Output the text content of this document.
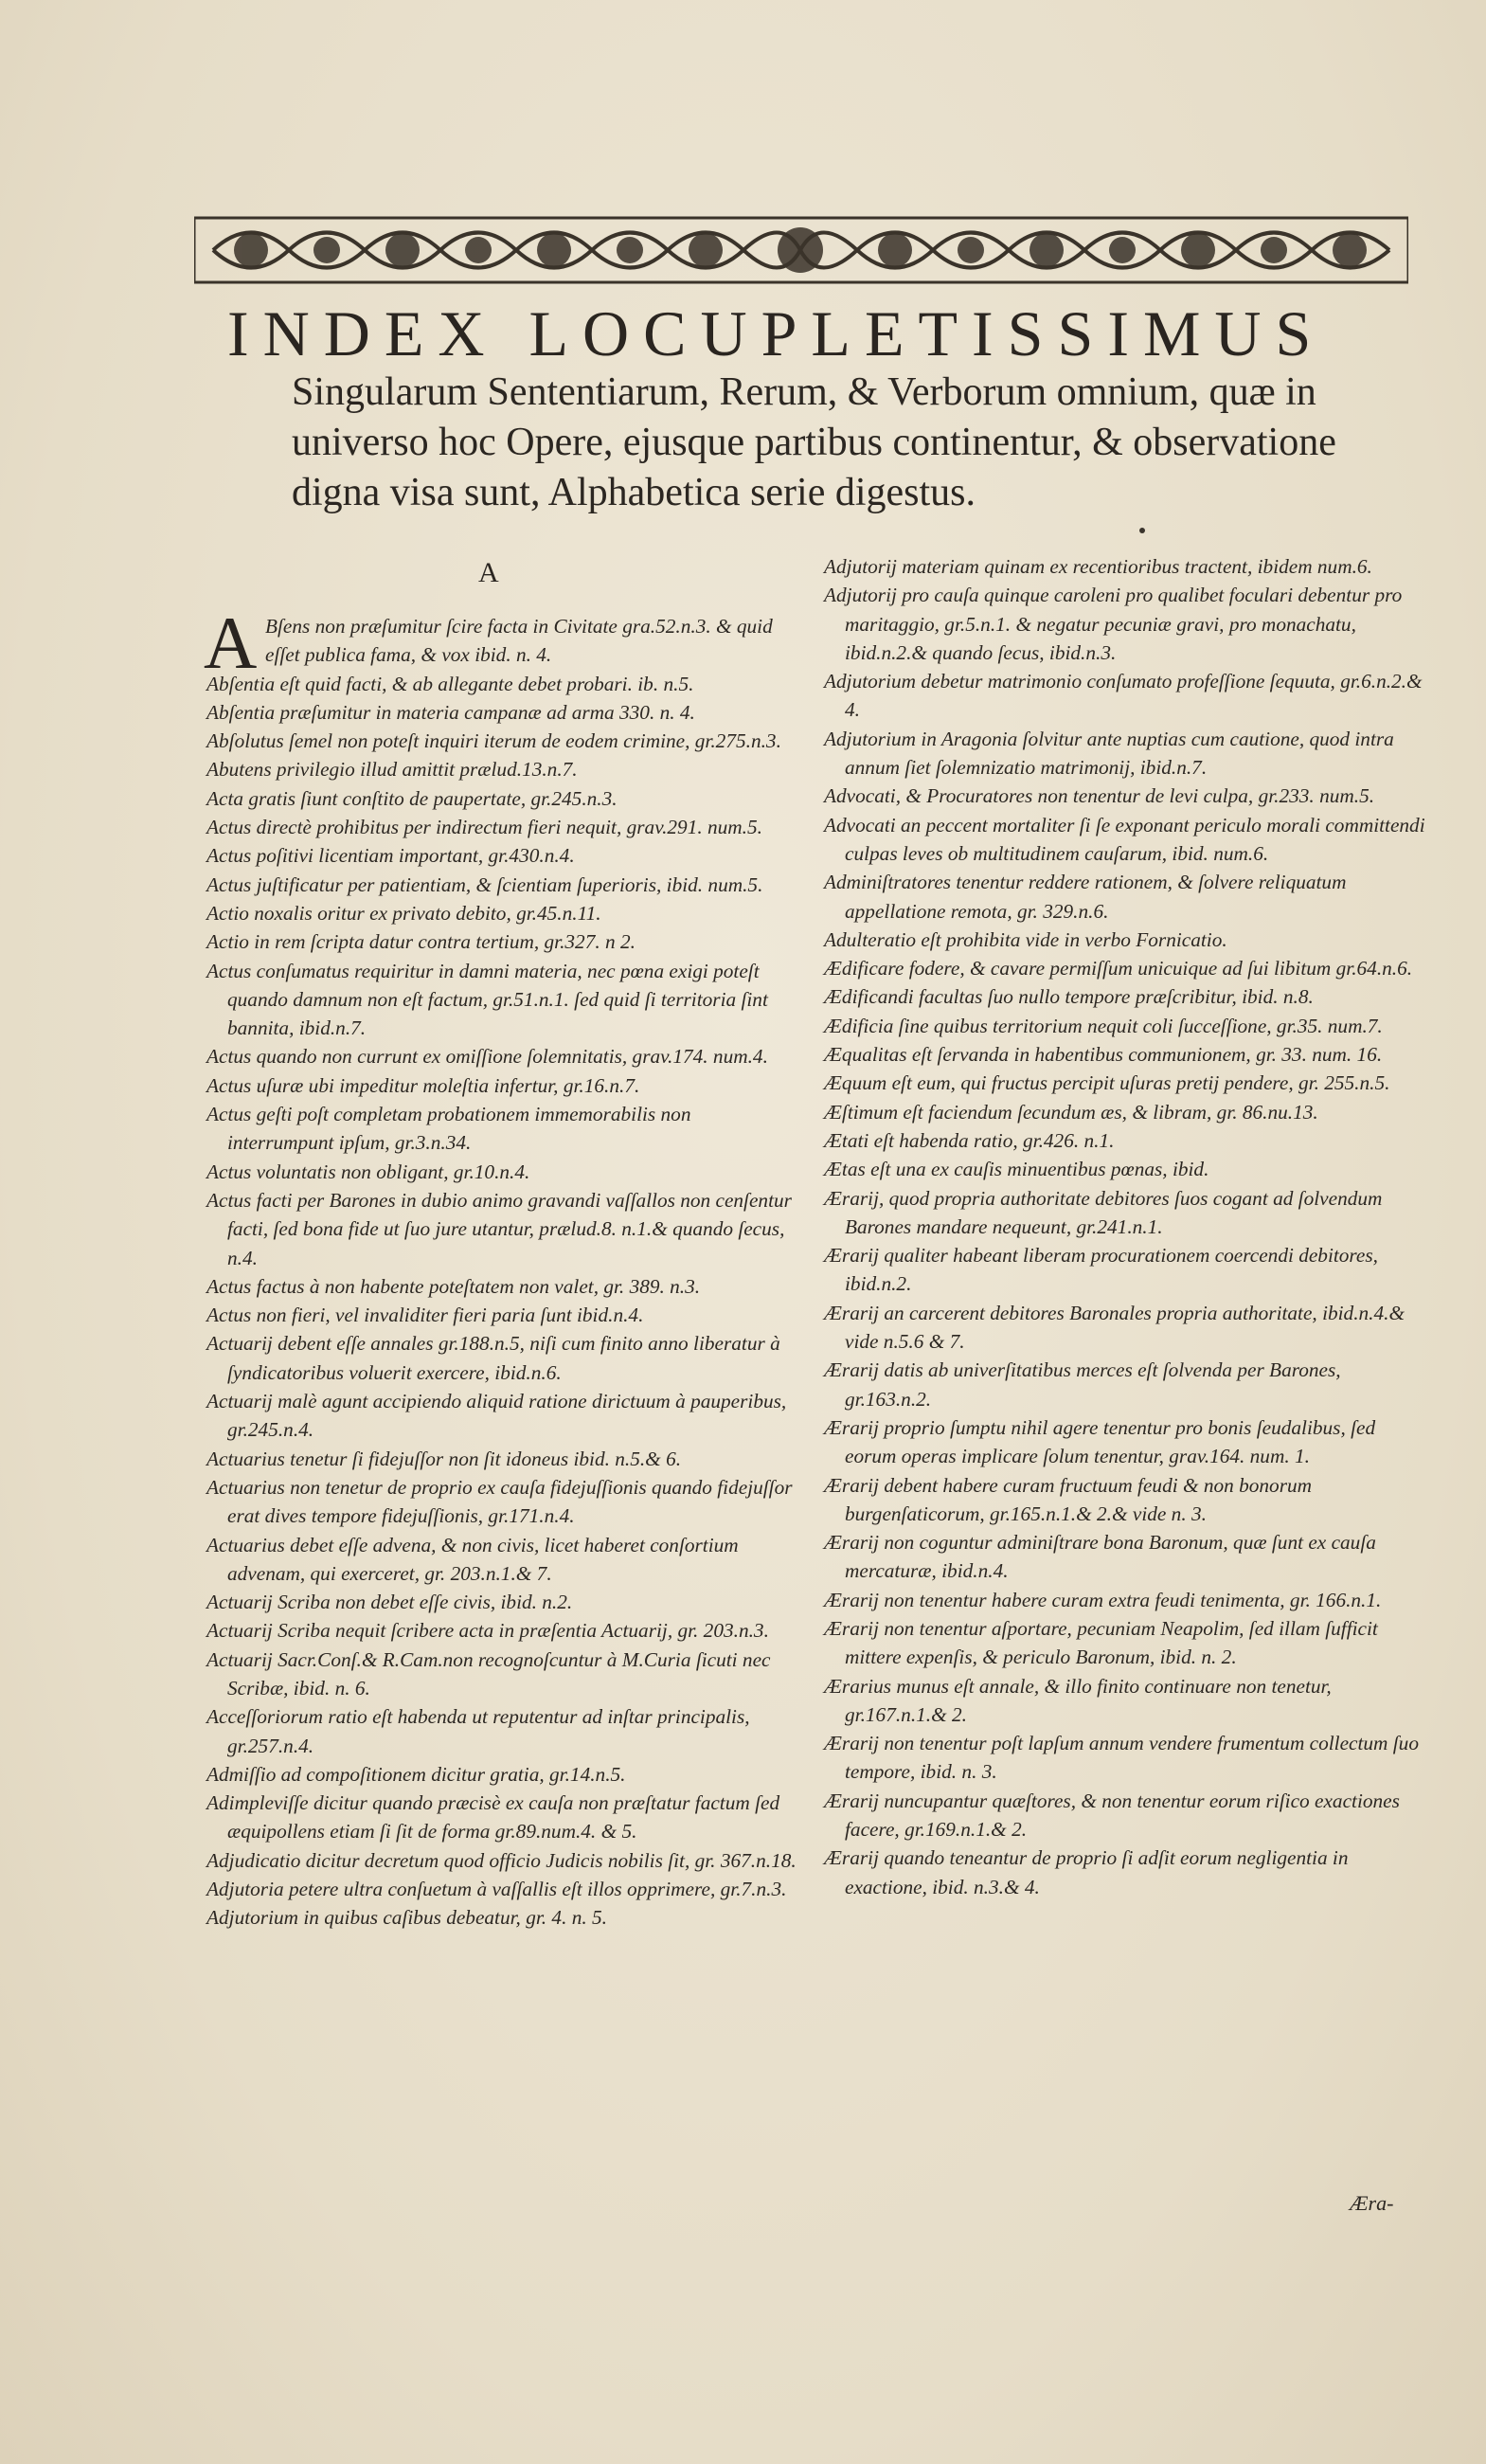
INDEX LOCUPLETISSIMUS
Singularum Sententiarum, Rerum, & Verborum omnium, quæ in universo hoc Opere, ejusque partibus continentur, & observatione digna visa sunt, Alphabetica serie digestus.
A
A Bſens non præſumitur ſcire facta in Civitate gra.52.n.3. & quid eſſet publica fama, & vox ibid. n. 4.
Abſentia eſt quid facti, & ab allegante debet probari. ib. n.5.
Abſentia præſumitur in materia campanæ ad arma 330. n. 4.
Abſolutus ſemel non poteſt inquiri iterum de eodem crimine, gr.275.n.3.
Abutens privilegio illud amittit prælud.13.n.7.
Acta gratis ſiunt conſtito de paupertate, gr.245.n.3.
Actus directè prohibitus per indirectum fieri nequit, grav.291. num.5.
Actus poſitivi licentiam important, gr.430.n.4.
Actus juſtificatur per patientiam, & ſcientiam ſuperioris, ibid. num.5.
Actio noxalis oritur ex privato debito, gr.45.n.11.
Actio in rem ſcripta datur contra tertium, gr.327. n 2.
Actus conſumatus requiritur in damni materia, nec pœna exigi poteſt quando damnum non eſt factum, gr.51.n.1. ſed quid ſi territoria ſint bannita, ibid.n.7.
Actus quando non currunt ex omiſſione ſolemnitatis, grav.174. num.4.
Actus uſuræ ubi impeditur moleſtia infertur, gr.16.n.7.
Actus geſti poſt completam probationem immemorabilis non interrumpunt ipſum, gr.3.n.34.
Actus voluntatis non obligant, gr.10.n.4.
Actus facti per Barones in dubio animo gravandi vaſſallos non cenſentur facti, ſed bona fide ut ſuo jure utantur, prælud.8. n.1.& quando ſecus, n.4.
Actus factus à non habente poteſtatem non valet, gr. 389. n.3.
Actus non fieri, vel invaliditer fieri paria ſunt ibid.n.4.
Actuarij debent eſſe annales gr.188.n.5, niſi cum finito anno liberatur à ſyndicatoribus voluerit exercere, ibid.n.6.
Actuarij malè agunt accipiendo aliquid ratione dirictuum à pauperibus, gr.245.n.4.
Actuarius tenetur ſi fidejuſſor non ſit idoneus ibid. n.5.& 6.
Actuarius non tenetur de proprio ex cauſa fidejuſſionis quando fidejuſſor erat dives tempore fidejuſſionis, gr.171.n.4.
Actuarius debet eſſe advena, & non civis, licet haberet conſortium advenam, qui exerceret, gr. 203.n.1.& 7.
Actuarij Scriba non debet eſſe civis, ibid. n.2.
Actuarij Scriba nequit ſcribere acta in præſentia Actuarij, gr. 203.n.3.
Actuarij Sacr.Conſ.& R.Cam.non recognoſcuntur à M.Curia ſicuti nec Scribæ, ibid. n. 6.
Acceſſoriorum ratio eſt habenda ut reputentur ad inſtar principalis, gr.257.n.4.
Admiſſio ad compoſitionem dicitur gratia, gr.14.n.5.
Adimpleviſſe dicitur quando præcisè ex cauſa non præſtatur factum ſed æquipollens etiam ſi ſit de forma gr.89.num.4. & 5.
Adjudicatio dicitur decretum quod officio Judicis nobilis ſit, gr. 367.n.18.
Adjutoria petere ultra conſuetum à vaſſallis eſt illos opprimere, gr.7.n.3.
Adjutorium in quibus caſibus debeatur, gr. 4. n. 5.
Adjutorij materiam quinam ex recentioribus tractent, ibidem num.6.
Adjutorij pro cauſa quinque caroleni pro qualibet foculari debentur pro maritaggio, gr.5.n.1. & negatur pecuniæ gravi, pro monachatu, ibid.n.2.& quando ſecus, ibid.n.3.
Adjutorium debetur matrimonio conſumato profeſſione ſequuta, gr.6.n.2.& 4.
Adjutorium in Aragonia ſolvitur ante nuptias cum cautione, quod intra annum ſiet ſolemnizatio matrimonij, ibid.n.7.
Advocati, & Procuratores non tenentur de levi culpa, gr.233. num.5.
Advocati an peccent mortaliter ſi ſe exponant periculo morali committendi culpas leves ob multitudinem cauſarum, ibid. num.6.
Adminiſtratores tenentur reddere rationem, & ſolvere reliquatum appellatione remota, gr. 329.n.6.
Adulteratio eſt prohibita vide in verbo Fornicatio.
Ædificare fodere, & cavare permiſſum unicuique ad ſui libitum gr.64.n.6.
Ædificandi facultas ſuo nullo tempore præſcribitur, ibid. n.8.
Ædificia ſine quibus territorium nequit coli ſucceſſione, gr.35. num.7.
Æqualitas eſt ſervanda in habentibus communionem, gr. 33. num. 16.
Æquum eſt eum, qui fructus percipit uſuras pretij pendere, gr. 255.n.5.
Æſtimum eſt faciendum ſecundum æs, & libram, gr. 86.nu.13.
Ætati eſt habenda ratio, gr.426. n.1.
Ætas eſt una ex cauſis minuentibus pœnas, ibid.
Ærarij, quod propria authoritate debitores ſuos cogant ad ſolvendum Barones mandare nequeunt, gr.241.n.1.
Ærarij qualiter habeant liberam procurationem coercendi debitores, ibid.n.2.
Ærarij an carcerent debitores Baronales propria authoritate, ibid.n.4.& vide n.5.6 & 7.
Ærarij datis ab univerſitatibus merces eſt ſolvenda per Barones, gr.163.n.2.
Ærarij proprio ſumptu nihil agere tenentur pro bonis ſeudalibus, ſed eorum operas implicare ſolum tenentur, grav.164. num. 1.
Ærarij debent habere curam fructuum feudi & non bonorum burgenſaticorum, gr.165.n.1.& 2.& vide n. 3.
Ærarij non coguntur adminiſtrare bona Baronum, quæ ſunt ex cauſa mercaturæ, ibid.n.4.
Ærarij non tenentur habere curam extra feudi tenimenta, gr. 166.n.1.
Ærarij non tenentur aſportare, pecuniam Neapolim, ſed illam ſufficit mittere expenſis, & periculo Baronum, ibid. n. 2.
Ærarius munus eſt annale, & illo finito continuare non tenetur, gr.167.n.1.& 2.
Ærarij non tenentur poſt lapſum annum vendere frumentum collectum ſuo tempore, ibid. n. 3.
Ærarij nuncupantur quæſtores, & non tenentur eorum riſico exactiones facere, gr.169.n.1.& 2.
Ærarij quando teneantur de proprio ſi adſit eorum negligentia in exactione, ibid. n.3.& 4.
Æra-
